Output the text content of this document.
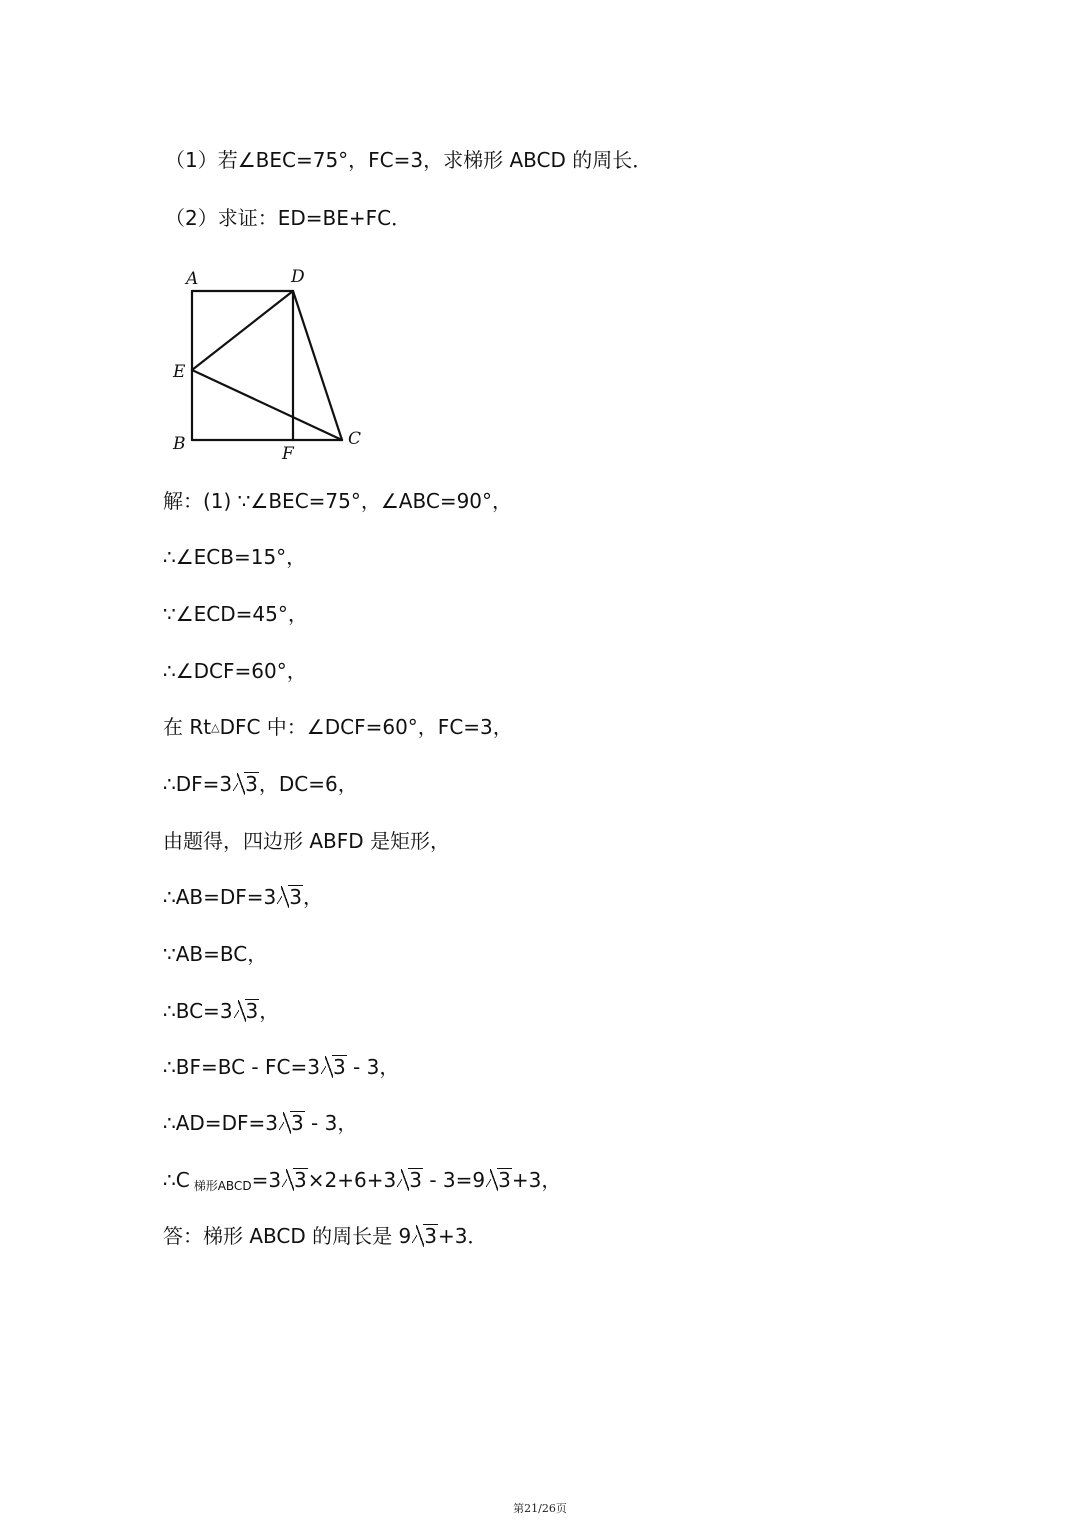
（1）若∠BEC=75°，FC=3，求梯形 ABCD 的周长．
（2）求证：ED=BE+FC．
A	D
E
B	F
C
解：(1) ∵∠BEC=75°，∠ABC=90°，
∴∠ECB=15°，
∵∠ECD=45°，
∴∠DCF=60°，
在 Rt△DFC 中：∠DCF=60°，FC=3，
∴DF=3 3，DC=6，
由题得，四边形 ABFD 是矩形，
∴AB=DF=3 3，
∵AB=BC，
∴BC=3 3，
∴BF=BC - FC=3 3 - 3，
∴AD=DF=3 3 - 3，
∴C $_{梯形ABCD}$=3 3×2+6+3 3 - 3=9 3+3，
答：梯形 ABCD 的周长是 9 3+3．
第21/26页
